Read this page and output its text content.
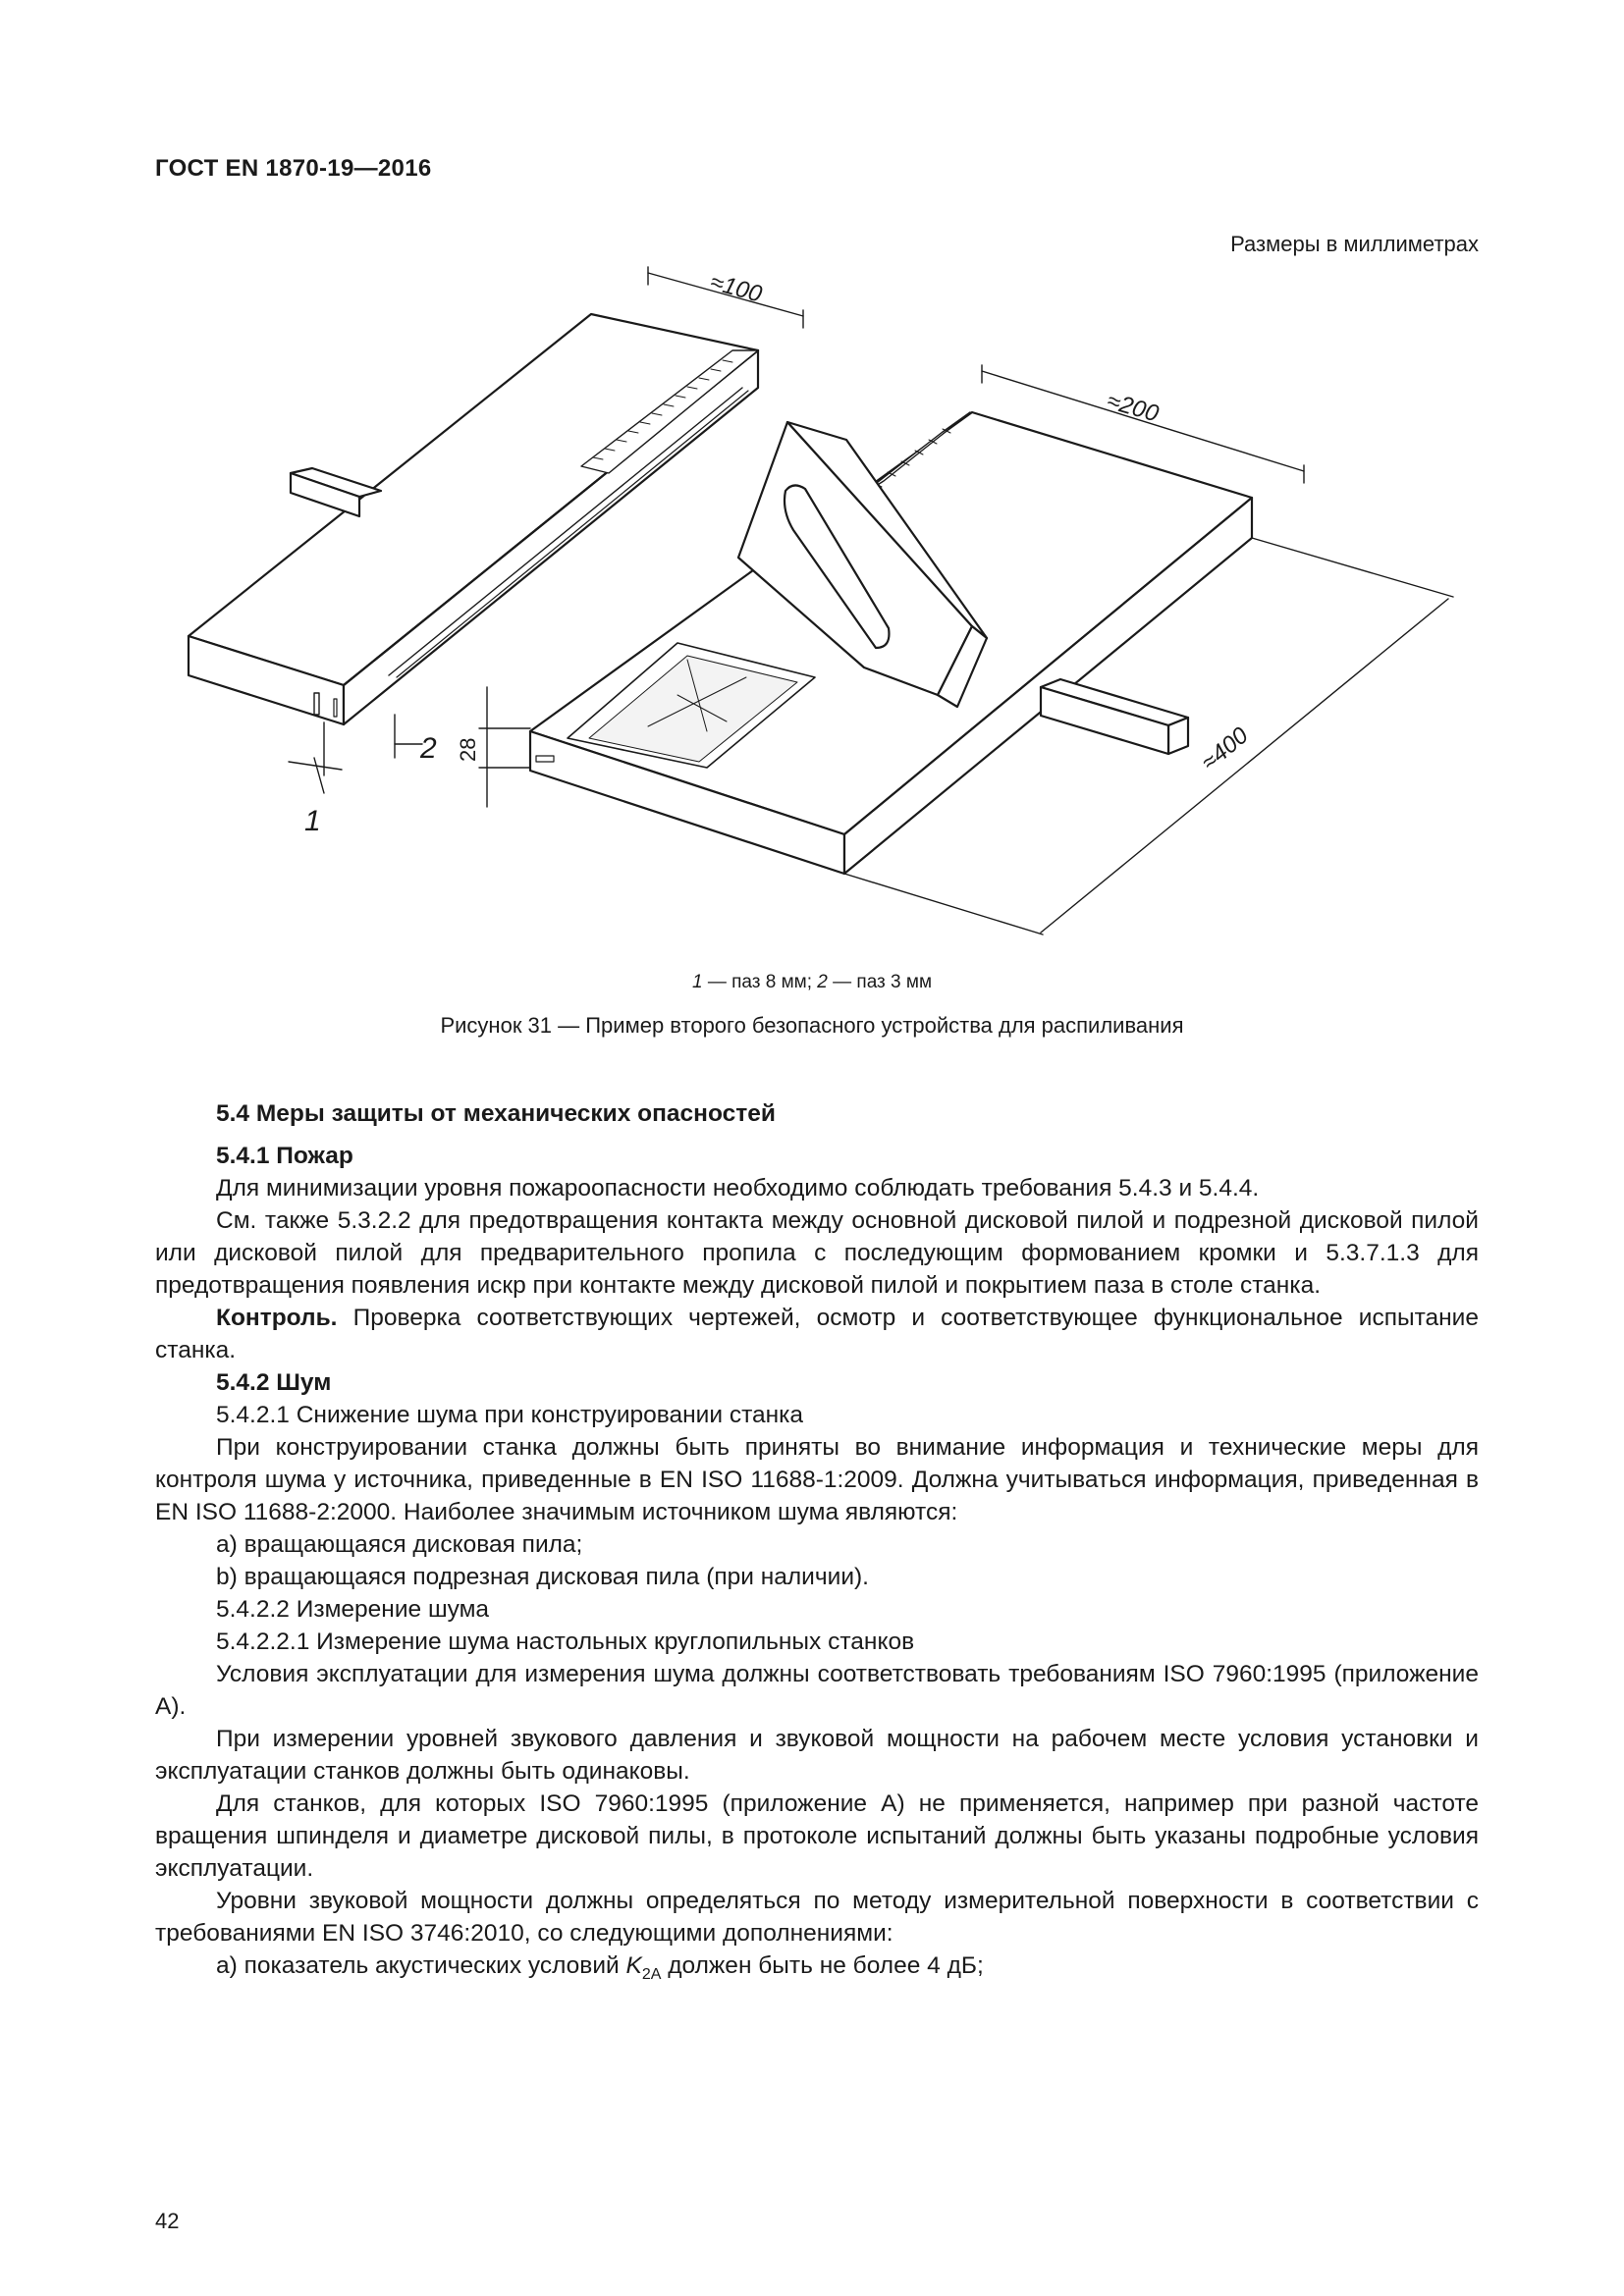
ГОСТ EN 1870-19—2016
Размеры в миллиметрах
≈100
≈200
≈400
28
2
1
1 — паз 8 мм; 2 — паз 3 мм
Рисунок 31 — Пример второго безопасного устройства для распиливания

5.4 Меры защиты от механических опасностей

5.4.1 Пожар

Для минимизации уровня пожароопасности необходимо соблюдать требования 5.4.3 и 5.4.4.

См. также 5.3.2.2 для предотвращения контакта между основной дисковой пилой и подрезной дисковой пилой или дисковой пилой для предварительного пропила с последующим формованием кромки и 5.3.7.1.3 для предотвращения появления искр при контакте между дисковой пилой и покрытием паза в столе станка.

Контроль. Проверка соответствующих чертежей, осмотр и соответствующее функциональное испытание станка.

5.4.2 Шум

5.4.2.1 Снижение шума при конструировании станка

При конструировании станка должны быть приняты во внимание информация и технические меры для контроля шума у источника, приведенные в EN ISO 11688-1:2009. Должна учитываться информация, приведенная в EN ISO 11688-2:2000. Наиболее значимым источником шума являются:

a) вращающаяся дисковая пила;

b) вращающаяся подрезная дисковая пила (при наличии).

5.4.2.2 Измерение шума

5.4.2.2.1 Измерение шума настольных круглопильных станков

Условия эксплуатации для измерения шума должны соответствовать требованиям ISO 7960:1995 (приложение А).

При измерении уровней звукового давления и звуковой мощности на рабочем месте условия установки и эксплуатации станков должны быть одинаковы.

Для станков, для которых ISO 7960:1995 (приложение А) не применяется, например при разной частоте вращения шпинделя и диаметре дисковой пилы, в протоколе испытаний должны быть указаны подробные условия эксплуатации.

Уровни звуковой мощности должны определяться по методу измерительной поверхности в соответствии с требованиями EN ISO 3746:2010, со следующими дополнениями:

a) показатель акустических условий $K_{2A}$ должен быть не более 4 дБ;

42
